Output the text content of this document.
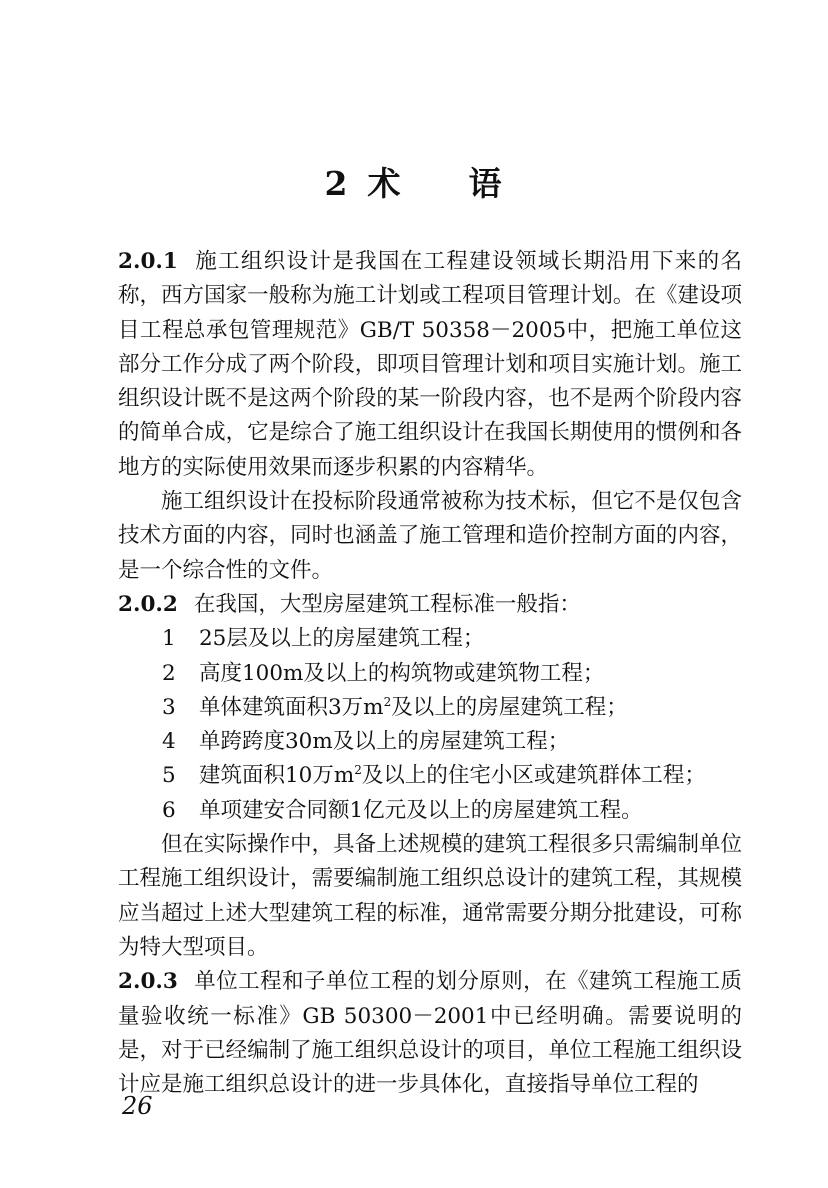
2 术 语

2.0.1 施工组织设计是我国在工程建设领域长期沿用下来的名称，西方国家一般称为施工计划或工程项目管理计划。在《建设项目工程总承包管理规范》GB/T 50358－2005中，把施工单位这部分工作分成了两个阶段，即项目管理计划和项目实施计划。施工组织设计既不是这两个阶段的某一阶段内容，也不是两个阶段内容的简单合成，它是综合了施工组织设计在我国长期使用的惯例和各地方的实际使用效果而逐步积累的内容精华。

施工组织设计在投标阶段通常被称为技术标，但它不是仅包含技术方面的内容，同时也涵盖了施工管理和造价控制方面的内容，是一个综合性的文件。

2.0.2 在我国，大型房屋建筑工程标准一般指：

1 25层及以上的房屋建筑工程；

2 高度100m及以上的构筑物或建筑物工程；

3 单体建筑面积3万$m^2$及以上的房屋建筑工程；

4 单跨跨度30m及以上的房屋建筑工程；

5 建筑面积10万$m^2$及以上的住宅小区或建筑群体工程；

6 单项建安合同额1亿元及以上的房屋建筑工程。

但在实际操作中，具备上述规模的建筑工程很多只需编制单位工程施工组织设计，需要编制施工组织总设计的建筑工程，其规模应当超过上述大型建筑工程的标准，通常需要分期分批建设，可称为特大型项目。

2.0.3 单位工程和子单位工程的划分原则，在《建筑工程施工质量验收统一标准》GB 50300－2001中已经明确。需要说明的是，对于已经编制了施工组织总设计的项目，单位工程施工组织设计应是施工组织总设计的进一步具体化，直接指导单位工程的

26
